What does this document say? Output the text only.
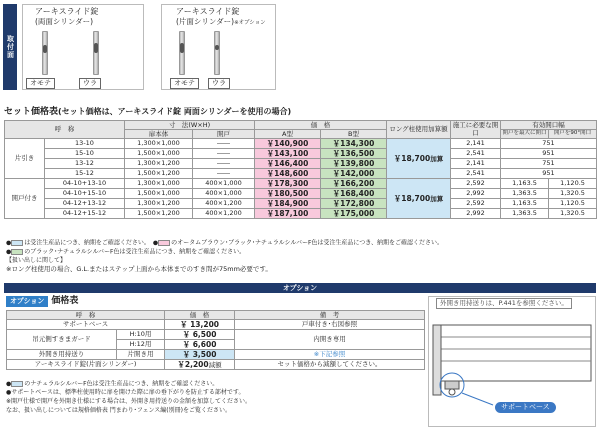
取付面
アーキスライド錠
(両面シリンダー)
オモテ	ウラ
アーキスライド錠
(片面シリンダー)※オプション
オモテ	ウラ
セット価格表(セット価格は、アーキスライド錠 両面シリンダーを使用の場合)
呼　称		寸　法(W×H)		価　格		ロング柱使用加算額	施工に必要な開口	有効開口幅	
		扉本体	開戸	A型	B型			開戸を最大に開口	開戸を90°開口
片引き	13-10	1,300×1,000	――	￥140,900	￥134,300	￥18,700加算	2,141	751	
	15-10	1,500×1,000	――	￥143,100	￥136,500		2,541	951	
	13-12	1,300×1,200	――	￥146,400	￥139,800		2,141	751	
	15-12	1,500×1,200	――	￥148,600	￥142,000		2,541	951	
開戸付き	04-10+13-10	1,300×1,000	400×1,000	￥178,300	￥166,200	￥18,700加算	2,592	1,163.5	1,120.5
	04-10+15-10	1,500×1,000	400×1,000	￥180,500	￥168,400		2,992	1,363.5	1,320.5
	04-12+13-12	1,300×1,200	400×1,200	￥184,900	￥172,800		2,592	1,163.5	1,120.5
	04-12+15-12	1,500×1,200	400×1,200	￥187,100	￥175,000		2,992	1,363.5	1,320.5
● は受注生産品につき、納期をご確認ください。　● のオータムブラウン･ブラック･ナチュラルシルバーF色は受注生産品につき、納期をご確認ください。
● のブラック･ナチュラルシルバーF色は受注生産品につき、納期をご確認ください。
【扱い出しに関して】
※ロング柱使用の場合、G.L.またはステップ上面から本体までのすき間が75mm必要です。
オプション
オプション 価格表
呼　称		価　格	備　考
サポートベース		￥ 13,200	戸車付き･右図参照
吊元側すきまガード	H:10用	￥ 6,500	内開き専用
	H:12用	￥ 6,600	
外開き用持送り	片開き用	￥ 3,500	※下記参照
アーキスライド錠(片面シリンダー)		￥2,200減額	セット価格から減額してください。
● のナチュラルシルバーF色は受注生産品につき、納期をご確認ください。
●サポートベースは、標準柱使用時に扉を開けた際に扉の垂下がりを防止する部材です。
※開戸仕様で開戸を外開き仕様にする場合は、外開き用持送りの金額を加算してください。
なお、扱い出しについては規格価格表 門まわり･フェンス編(別冊)をご覧ください。
外開き用持送りは、P.441を参照ください。
サポートベース
